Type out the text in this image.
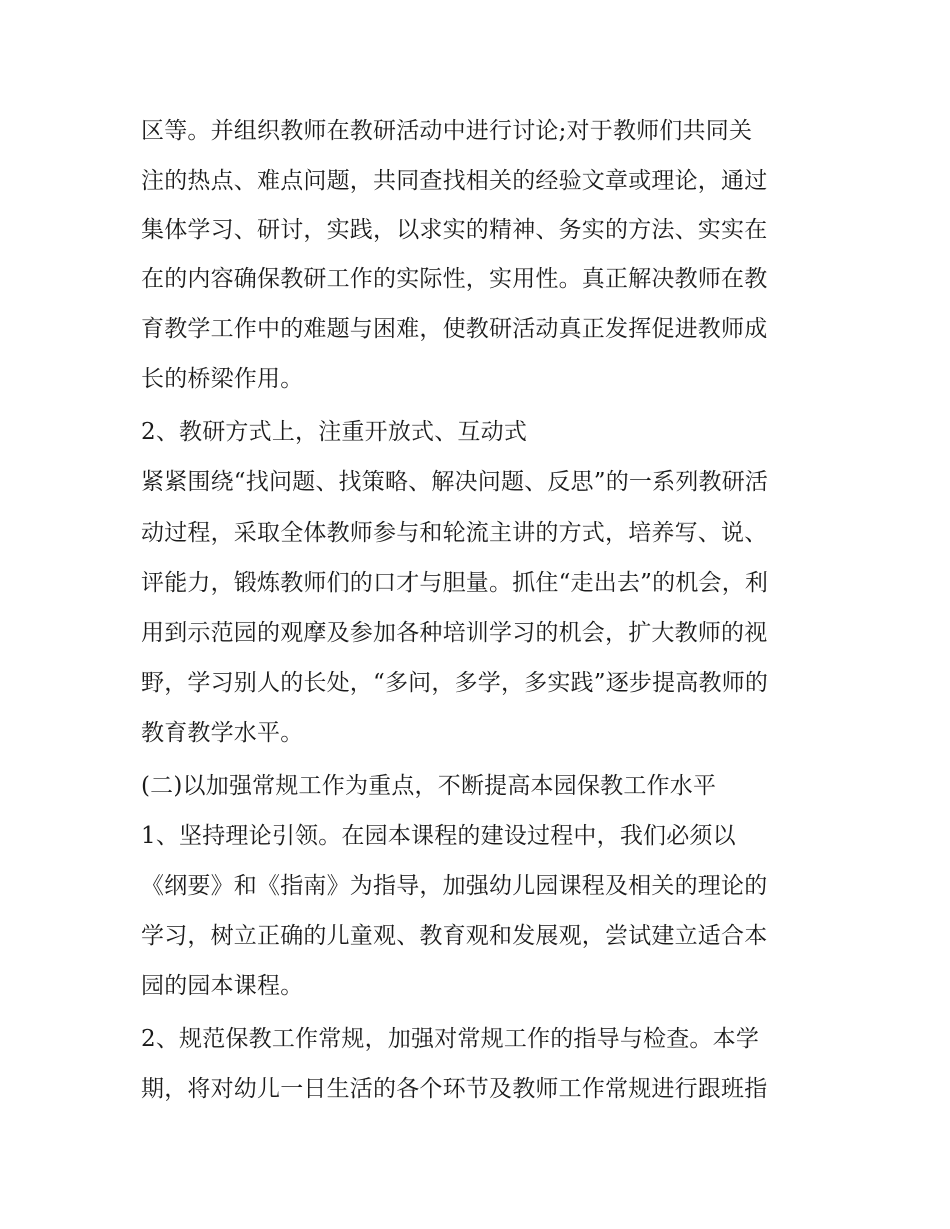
区等。并组织教师在教研活动中进行讨论;对于教师们共同关
注的热点、难点问题，共同查找相关的经验文章或理论，通过
集体学习、研讨，实践，以求实的精神、务实的方法、实实在
在的内容确保教研工作的实际性，实用性。真正解决教师在教
育教学工作中的难题与困难，使教研活动真正发挥促进教师成
长的桥梁作用。
2、教研方式上，注重开放式、互动式
紧紧围绕“找问题、找策略、解决问题、反思”的一系列教研活
动过程，采取全体教师参与和轮流主讲的方式，培养写、说、
评能力，锻炼教师们的口才与胆量。抓住“走出去”的机会，利
用到示范园的观摩及参加各种培训学习的机会，扩大教师的视
野，学习别人的长处，“多问，多学，多实践”逐步提高教师的
教育教学水平。
(二)以加强常规工作为重点，不断提高本园保教工作水平
1、坚持理论引领。在园本课程的建设过程中，我们必须以
《纲要》和《指南》为指导，加强幼儿园课程及相关的理论的
学习，树立正确的儿童观、教育观和发展观，尝试建立适合本
园的园本课程。
2、规范保教工作常规，加强对常规工作的指导与检查。本学
期，将对幼儿一日生活的各个环节及教师工作常规进行跟班指
